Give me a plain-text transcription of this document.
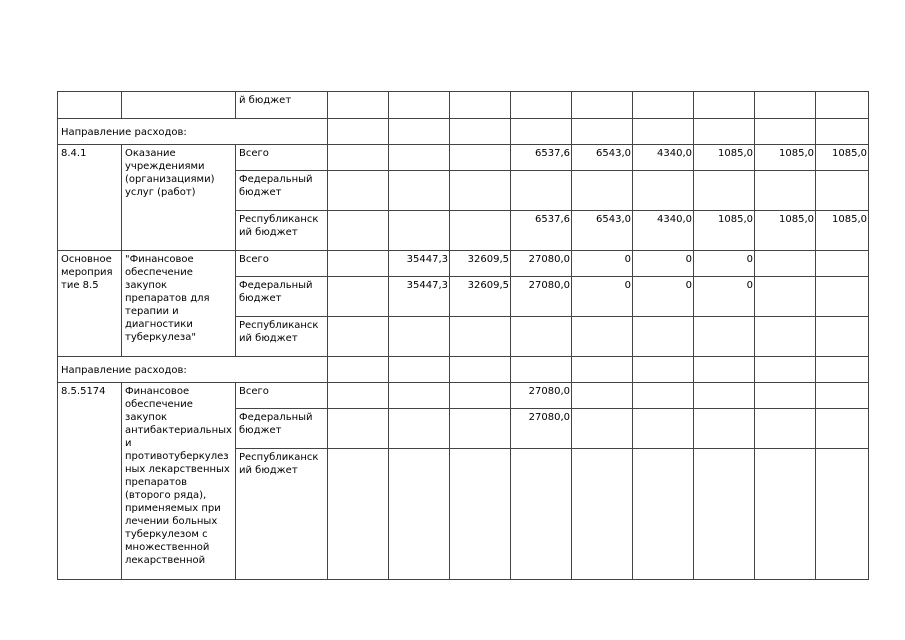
		й бюджет									
Направление расходов:											
8.4.1	Оказание учреждениями (организациями) услуг (работ)	Всего				6537,6	6543,0	4340,0	1085,0	1085,0	1085,0
		Федеральный бюджет									
		Республиканский бюджет				6537,6	6543,0	4340,0	1085,0	1085,0	1085,0
Основное мероприятие 8.5	"Финансовое обеспечение закупок препаратов для терапии и диагностики туберкулеза"	Всего		35447,3	32609,5	27080,0	0	0	0		
		Федеральный бюджет		35447,3	32609,5	27080,0	0	0	0		
		Республиканский бюджет									
Направление расходов:											
8.5.5174	Финансовое обеспечение закупок антибактериальных и противотуберкулезных лекарственных препаратов (второго ряда), применяемых при лечении больных туберкулезом с множественной лекарственной	Всего				27080,0					
		Федеральный бюджет				27080,0					
		Республиканский бюджет									
